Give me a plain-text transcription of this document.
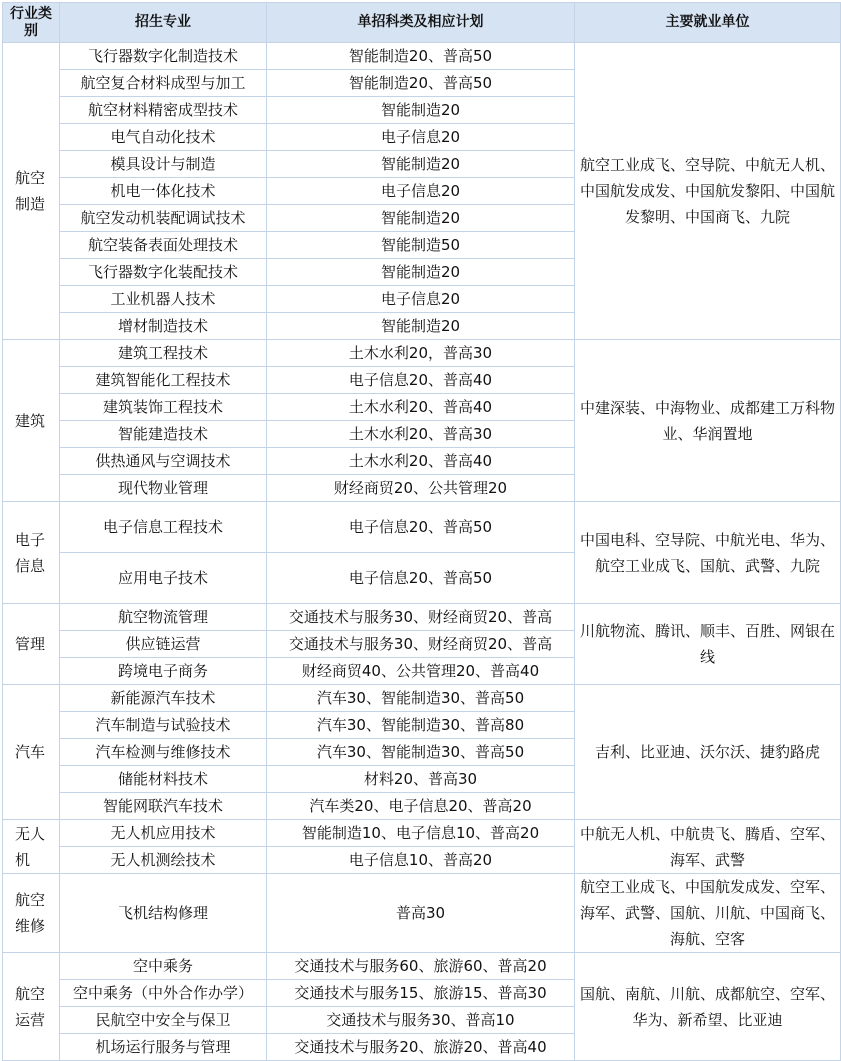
行业类别	招生专业	单招科类及相应计划	主要就业单位
航空制造	飞行器数字化制造技术	智能制造20、普高50	航空工业成飞、空导院、中航无人机、中国航发成发、中国航发黎阳、中国航发黎明、中国商飞、九院
	航空复合材料成型与加工	智能制造20、普高50	
	航空材料精密成型技术	智能制造20	
	电气自动化技术	电子信息20	
	模具设计与制造	智能制造20	
	机电一体化技术	电子信息20	
	航空发动机装配调试技术	智能制造20	
	航空装备表面处理技术	智能制造50	
	飞行器数字化装配技术	智能制造20	
	工业机器人技术	电子信息20	
	增材制造技术	智能制造20	
建筑	建筑工程技术	土木水利20，普高30	中建深装、中海物业、成都建工万科物业、华润置地
	建筑智能化工程技术	电子信息20、普高40	
	建筑装饰工程技术	土木水利20、普高40	
	智能建造技术	土木水利20、普高30	
	供热通风与空调技术	土木水利20、普高40	
	现代物业管理	财经商贸20、公共管理20	
电子信息	电子信息工程技术	电子信息20、普高50	中国电科、空导院、中航光电、华为、航空工业成飞、国航、武警、九院
	应用电子技术	电子信息20、普高50	
管理	航空物流管理	交通技术与服务30、财经商贸20、普高	川航物流、腾讯、顺丰、百胜、网银在线
	供应链运营	交通技术与服务30、财经商贸20、普高	
	跨境电子商务	财经商贸40、公共管理20、普高40	
汽车	新能源汽车技术	汽车30、智能制造30、普高50	吉利、比亚迪、沃尔沃、捷豹路虎
	汽车制造与试验技术	汽车30、智能制造30、普高80	
	汽车检测与维修技术	汽车30、智能制造30、普高50	
	储能材料技术	材料20、普高30	
	智能网联汽车技术	汽车类20、电子信息20、普高20	
无人机	无人机应用技术	智能制造10、电子信息10、普高20	中航无人机、中航贵飞、腾盾、空军、海军、武警
	无人机测绘技术	电子信息10、普高20	
航空维修	飞机结构修理	普高30	航空工业成飞、中国航发成发、空军、海军、武警、国航、川航、中国商飞、海航、空客
航空运营	空中乘务	交通技术与服务60、旅游60、普高20	国航、南航、川航、成都航空、空军、华为、新希望、比亚迪
	空中乘务（中外合作办学）	交通技术与服务15、旅游15、普高30	
	民航空中安全与保卫	交通技术与服务30、普高10	
	机场运行服务与管理	交通技术与服务20、旅游20、普高40	
